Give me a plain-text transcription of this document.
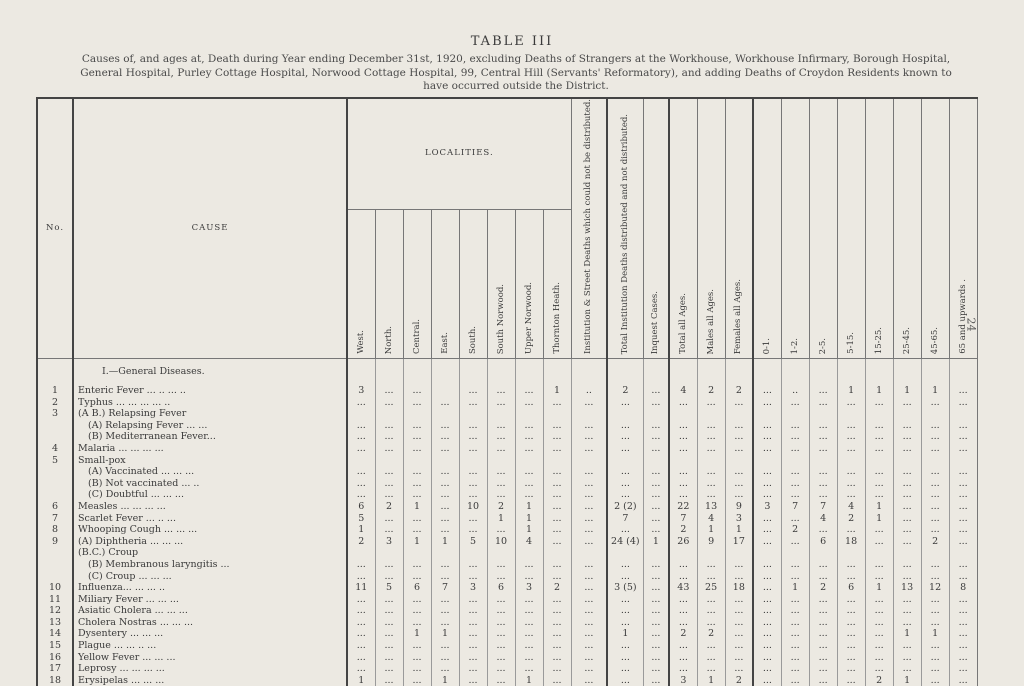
TABLE III
Causes of, and ages at, Death during Year ending December 31st, 1920, excluding Deaths of Strangers at the Workhouse, Workhouse Infirmary, Borough Hospital, General Hospital, Purley Cottage Hospital, Norwood Cottage Hospital, 99, Central Hill (Servants' Reformatory), and adding Deaths of Croydon Residents known to have occurred outside the District.
24
No.	CAUSE	LOCALITIES.								Institution & Street Deaths which could not be distributed.	Total Institution Deaths distributed and not distributed.	Inquest Cases.	Total all Ages.	Males all Ages.	Females all Ages.	0-1.	1-2.	2-5.	5-15.	15-25.	25-45.	45-65.	65 and upwards .

		West.	North.	Central.	East.	South.	South Norwood.	Upper Norwood.	Thornton Heath.														

	I.—General Diseases.																						
1	Enteric Fever ... .. ... ..	3	...	...		...	...	...	1	..	2	...	4	2	2	...	..	...	1	1	1	1	...
2	Typhus ... ... ... ... ..	...	...	...	...	...	...	...	...	...	...	...	...	...	...	...	...	...	...	...	...	...	...
3	(A B.) Relapsing Fever																						
	(A) Relapsing Fever ... ...	...	...	...	...	...	...	...	...	...	...	...	...	...	...	...	...	...	...	...	...	...	...
	(B) Mediterranean Fever...	...	...	...	...	...	...	...	...	...	...	...	...	...	...	...	...	...	...	...	...	...	...
4	Malaria ... ... ... ...	...	...	...	...	...	...	...	...	...	...	...	...	...	...	...	...	...	...	...	...	...	...
5	Small-pox																						
	(A) Vaccinated ... ... ...	...	...	...	...	...	...	...	...	...	...	...	...	...	...	...	...	...	...	...	...	...	...
	(B) Not vaccinated ... ..	...	...	...	...	...	...	...	...	...	...	...	...	...	...	...	...	...	...	...	...	...	...
	(C) Doubtful ... ... ...	...	...	...	...	...	...	...	...	...	...	...	...	...	...	...	...	...	...	...	...	...	...
6	Measles ... ... ... ...	6	2	1	...	10	2	1	...	...	2 (2)	...	22	13	9	3	7	7	4	1	...	...	...
7	Scarlet Fever ... .. ...	5	...	...	...	...	1	1	...	...	7	...	7	4	3	...	...	4	2	1	...	...	...
8	Whooping Cough ... ... ...	1	...	...	...	...	...	1	...	...	...	...	2	1	1	...	2	...	...	...	...	...	...
9	(A) Diphtheria ... ... ...	2	3	1	1	5	10	4	...	...	24 (4)	1	26	9	17	...	...	6	18	...	...	2	...
	(B.C.) Croup																						
	(B) Membranous laryngitis ...	...	...	...	...	...	...	...	...	...	...	...	...	...	...	...	...	...	...	...	...	...	...
	(C) Croup ... ... ...	...	...	...	...	...	...	...	...	...	...	...	...	...	...	...	...	...	...	...	...	...	...
10	Influenza... ... ... ..	11	5	6	7	3	6	3	2	...	3 (5)	...	43	25	18	...	1	2	6	1	13	12	8
11	Miliary Fever ... ... ...	...	...	...	...	...	...	...	...	...	...	...	...	...	...	...	...	...	...	...	...	...	...
12	Asiatic Cholera ... ... ...	...	...	...	...	...	...	...	...	...	...	...	...	...	...	...	...	...	...	...	...	...	...
13	Cholera Nostras ... ... ...	...	...	...	...	...	...	...	...	...	...	...	...	...	...	...	...	...	...	...	...	...	...
14	Dysentery ... ... ...	...	...	1	1	...	...	...	...	...	1	...	2	2	...	...	...	...	...	...	1	1	...
15	Plague ... ... .. ...	...	...	...	...	...	...	...	...	...	...	...	...	...	...	...	...	...	...	...	...	...	...
16	Yellow Fever ... ... ...	...	...	...	...	...	...	...	...	...	...	...	...	...	...	...	...	...	...	...	...	...	...
17	Leprosy ... ... ... ...	...	...	...	...	...	...	...	...	...	...	...	...	...	...	...	...	...	...	...	...	...	...
18	Erysipelas ... ... ...	1	...	...	1	...	...	1	...	...	...	...	3	1	2	...	...	...	...	2	1	...	...
